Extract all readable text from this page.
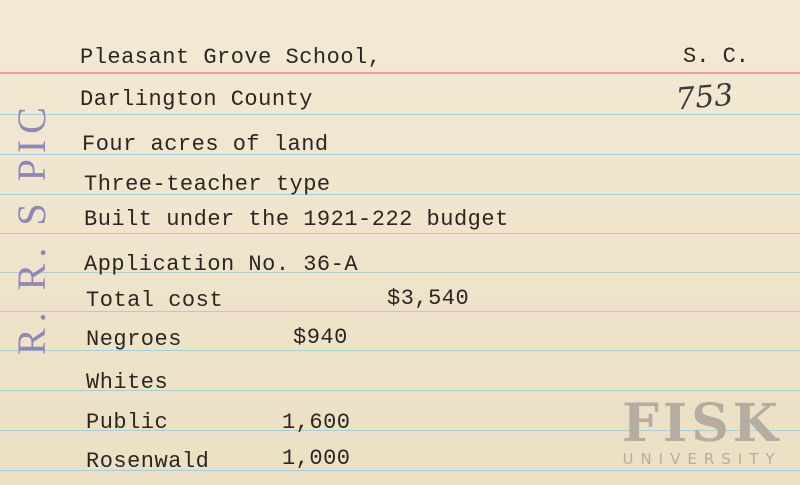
R. R. S PIC
Pleasant Grove School,	S. C.
Darlington County	753
Four acres of land
Three-teacher type
Built under the 1921-222 budget
Application No. 36-A
Total cost	$3,540
Negroes	$940
Whites
Public	1,600
Rosenwald	1,000
FISK
UNIVERSITY
